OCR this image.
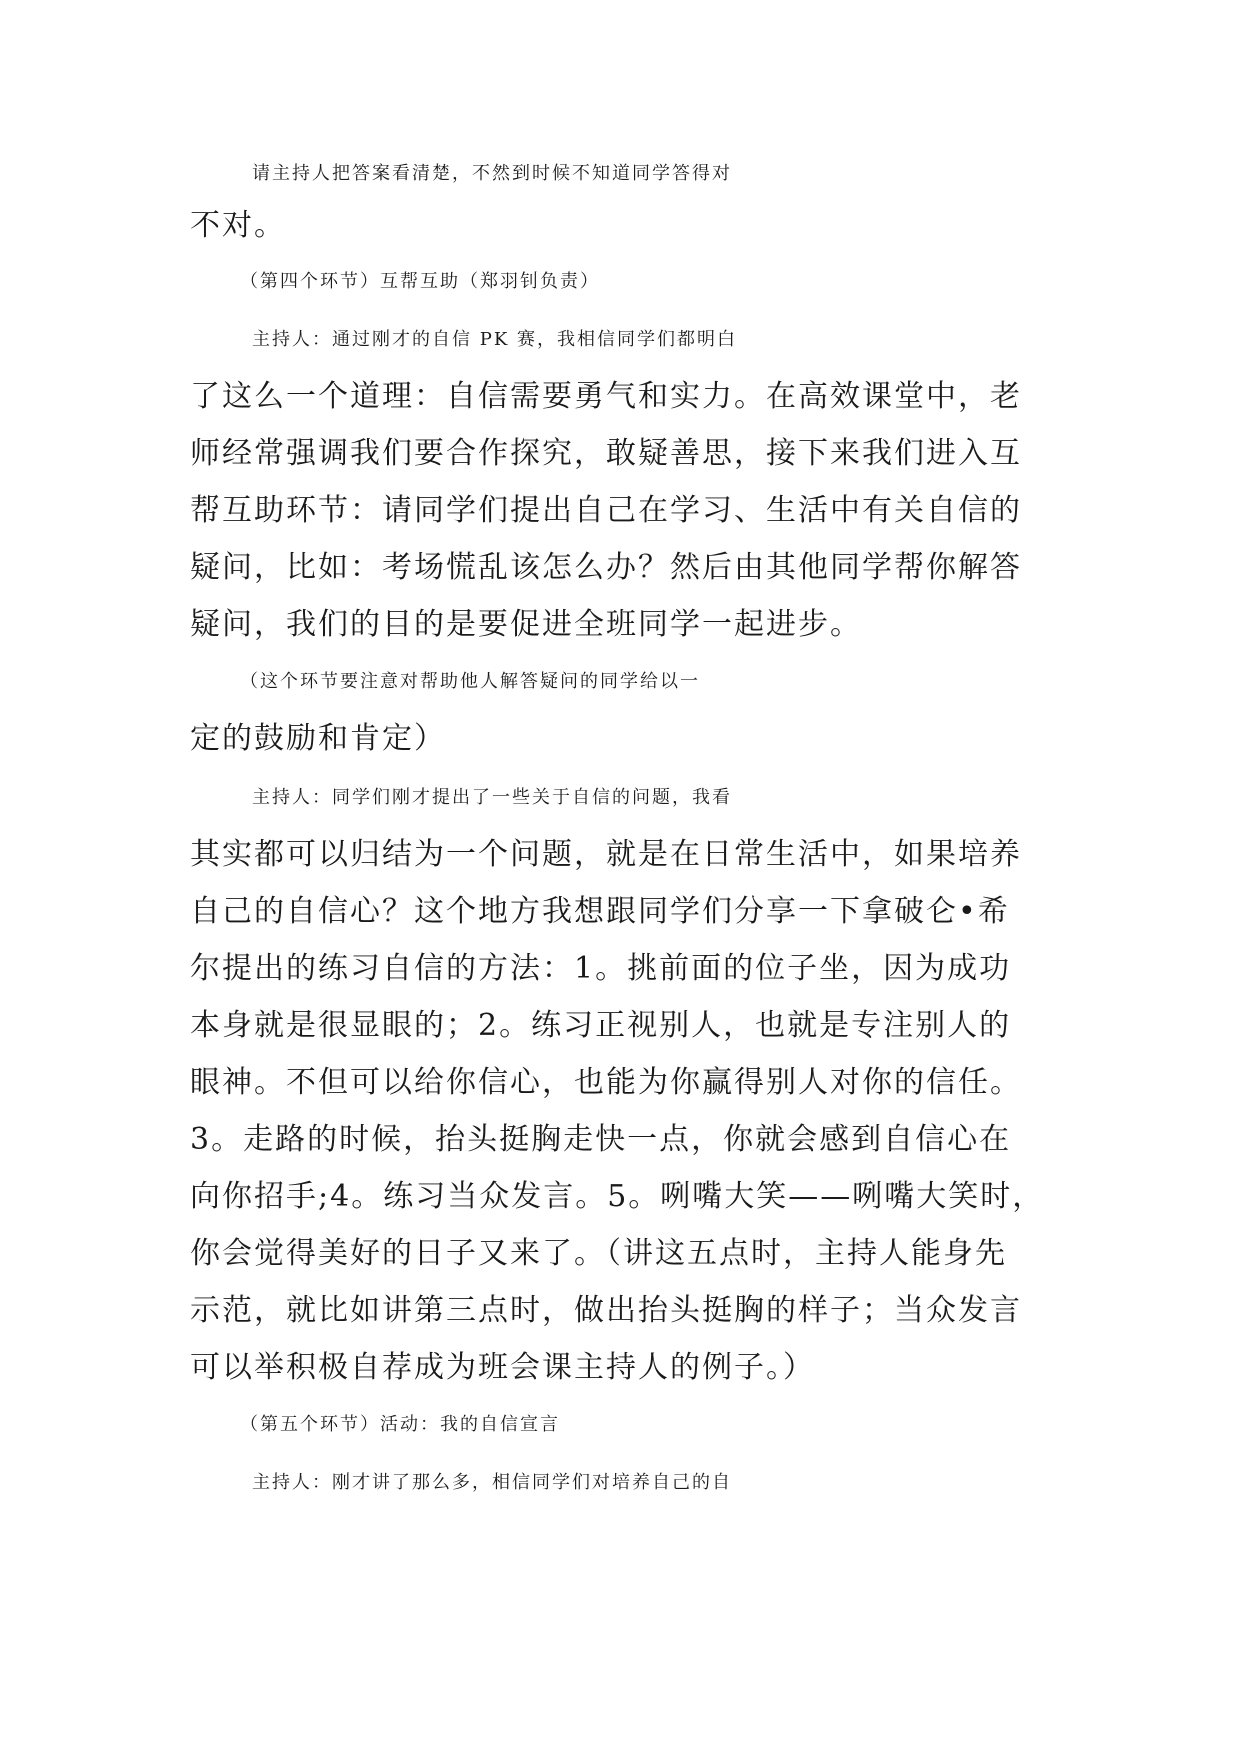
请主持人把答案看清楚，不然到时候不知道同学答得对
不对。
（第四个环节）互帮互助（郑羽钊负责）
主持人：通过刚才的自信 PK 赛，我相信同学们都明白
了这么一个道理：自信需要勇气和实力。在高效课堂中，老
师经常强调我们要合作探究，敢疑善思，接下来我们进入互
帮互助环节：请同学们提出自己在学习、生活中有关自信的
疑问，比如：考场慌乱该怎么办？然后由其他同学帮你解答
疑问，我们的目的是要促进全班同学一起进步。
（这个环节要注意对帮助他人解答疑问的同学给以一
定的鼓励和肯定）
主持人：同学们刚才提出了一些关于自信的问题，我看
其实都可以归结为一个问题，就是在日常生活中，如果培养
自己的自信心？这个地方我想跟同学们分享一下拿破仑•希
尔提出的练习自信的方法：1。挑前面的位子坐，因为成功
本身就是很显眼的；2。练习正视别人，也就是专注别人的
眼神。不但可以给你信心，也能为你赢得别人对你的信任。
3。走路的时候，抬头挺胸走快一点，你就会感到自信心在
向你招手;4。练习当众发言。5。咧嘴大笑——咧嘴大笑时，
你会觉得美好的日子又来了。（讲这五点时，主持人能身先
示范，就比如讲第三点时，做出抬头挺胸的样子；当众发言
可以举积极自荐成为班会课主持人的例子。）
（第五个环节）活动：我的自信宣言
主持人：刚才讲了那么多，相信同学们对培养自己的自
